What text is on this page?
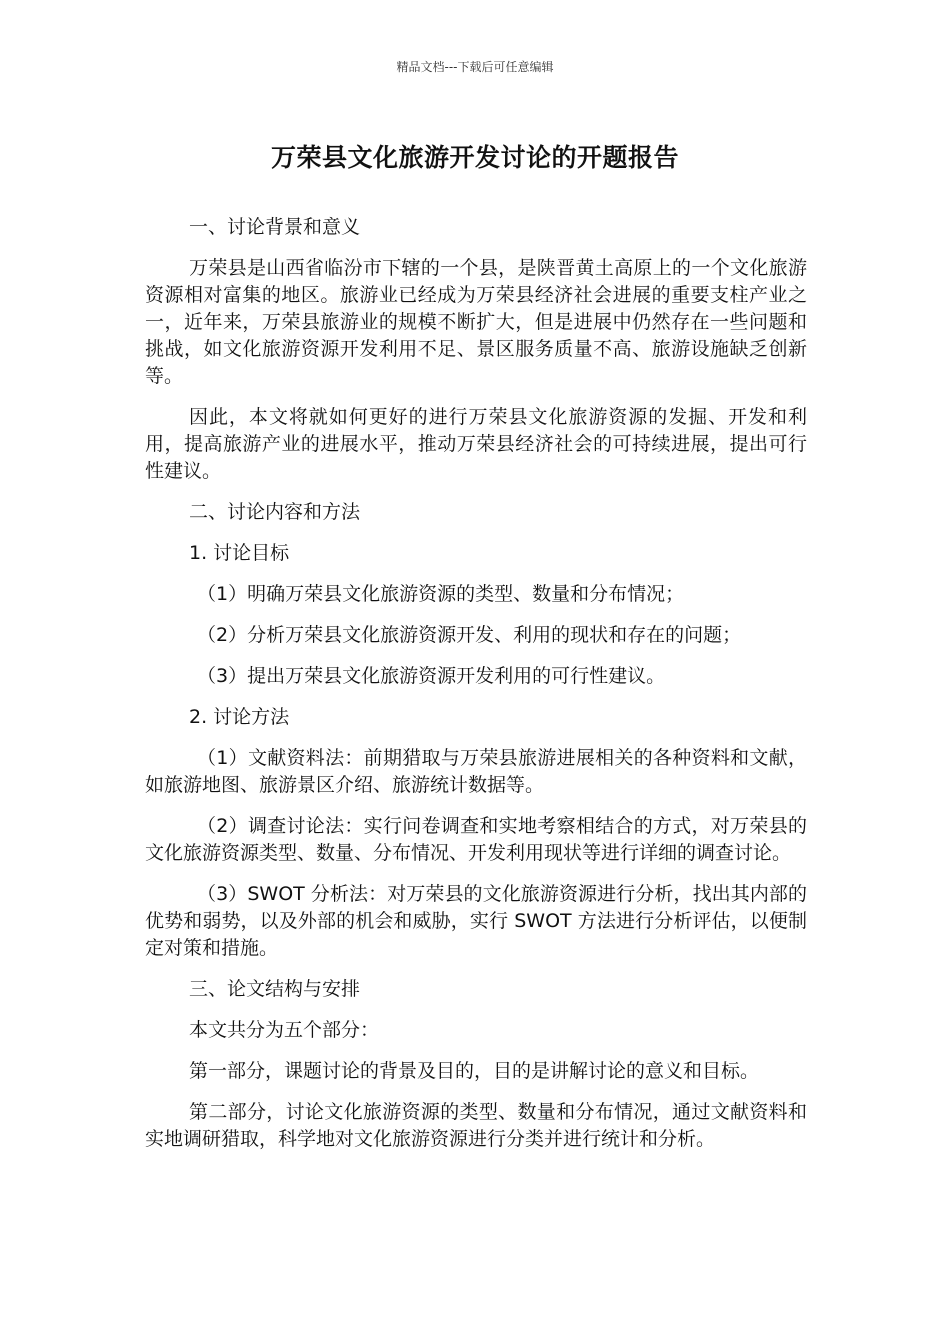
精品文档---下载后可任意编辑
万荣县文化旅游开发讨论的开题报告

一、讨论背景和意义

万荣县是山西省临汾市下辖的一个县，是陕晋黄土高原上的一个文化旅游资源相对富集的地区。旅游业已经成为万荣县经济社会进展的重要支柱产业之一，近年来，万荣县旅游业的规模不断扩大，但是进展中仍然存在一些问题和挑战，如文化旅游资源开发利用不足、景区服务质量不高、旅游设施缺乏创新等。

因此，本文将就如何更好的进行万荣县文化旅游资源的发掘、开发和利用，提高旅游产业的进展水平，推动万荣县经济社会的可持续进展，提出可行性建议。

二、讨论内容和方法

1. 讨论目标

（1）明确万荣县文化旅游资源的类型、数量和分布情况；

（2）分析万荣县文化旅游资源开发、利用的现状和存在的问题；

（3）提出万荣县文化旅游资源开发利用的可行性建议。

2. 讨论方法

（1）文献资料法：前期猎取与万荣县旅游进展相关的各种资料和文献，如旅游地图、旅游景区介绍、旅游统计数据等。

（2）调查讨论法：实行问卷调查和实地考察相结合的方式，对万荣县的文化旅游资源类型、数量、分布情况、开发利用现状等进行详细的调查讨论。

（3）SWOT 分析法：对万荣县的文化旅游资源进行分析，找出其内部的优势和弱势，以及外部的机会和威胁，实行 SWOT 方法进行分析评估，以便制定对策和措施。

三、论文结构与安排

本文共分为五个部分：

第一部分，课题讨论的背景及目的，目的是讲解讨论的意义和目标。

第二部分，讨论文化旅游资源的类型、数量和分布情况，通过文献资料和实地调研猎取，科学地对文化旅游资源进行分类并进行统计和分析。
